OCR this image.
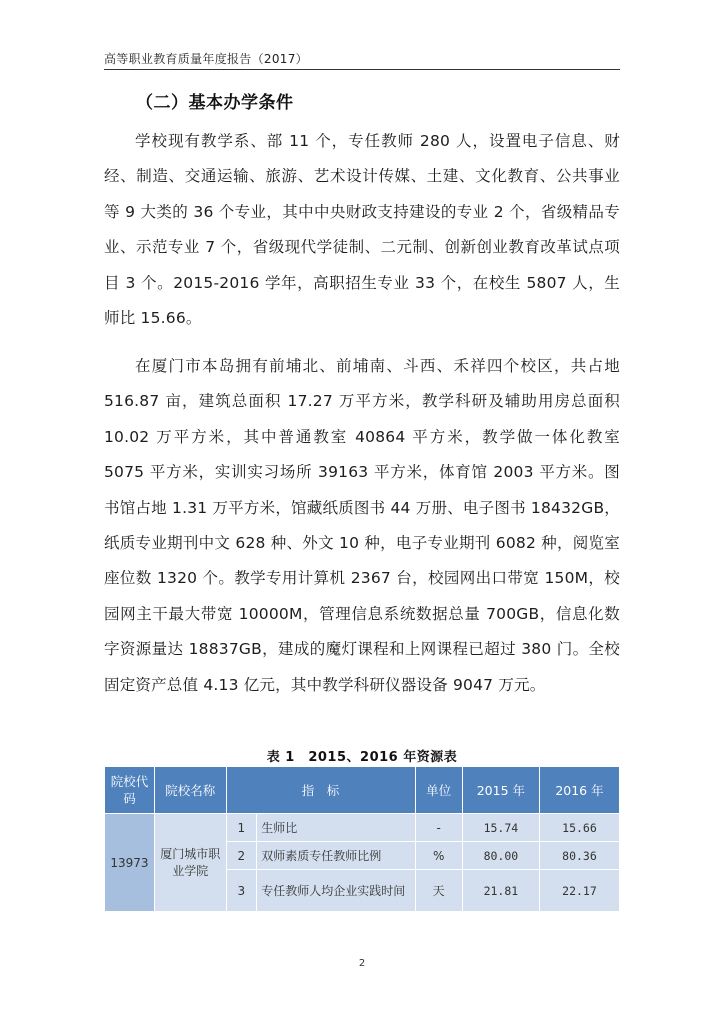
高等职业教育质量年度报告（2017）
（二）基本办学条件

学校现有教学系、部 11 个，专任教师 280 人，设置电子信息、财经、制造、交通运输、旅游、艺术设计传媒、土建、文化教育、公共事业等 9 大类的 36 个专业，其中中央财政支持建设的专业 2 个，省级精品专业、示范专业 7 个，省级现代学徒制、二元制、创新创业教育改革试点项目 3 个。2015-2016 学年，高职招生专业 33 个，在校生 5807 人，生师比 15.66。

在厦门市本岛拥有前埔北、前埔南、斗西、禾祥四个校区，共占地 516.87 亩，建筑总面积 17.27 万平方米，教学科研及辅助用房总面积 10.02 万平方米，其中普通教室 40864 平方米，教学做一体化教室 5075 平方米，实训实习场所 39163 平方米，体育馆 2003 平方米。图书馆占地 1.31 万平方米，馆藏纸质图书 44 万册、电子图书 18432GB，纸质专业期刊中文 628 种、外文 10 种，电子专业期刊 6082 种，阅览室座位数 1320 个。教学专用计算机 2367 台，校园网出口带宽 150M，校园网主干最大带宽 10000M，管理信息系统数据总量 700GB，信息化数字资源量达 18837GB，建成的魔灯课程和上网课程已超过 380 门。全校固定资产总值 4.13 亿元，其中教学科研仪器设备 9047 万元。

表 1　2015、2016 年资源表
院校代码	院校名称	指　标		单位	2015 年	2016 年
13973	厦门城市职业学院	1	生师比	-	15.74	15.66
		2	双师素质专任教师比例	%	80.00	80.36
		3	专任教师人均企业实践时间	天	21.81	22.17
2
